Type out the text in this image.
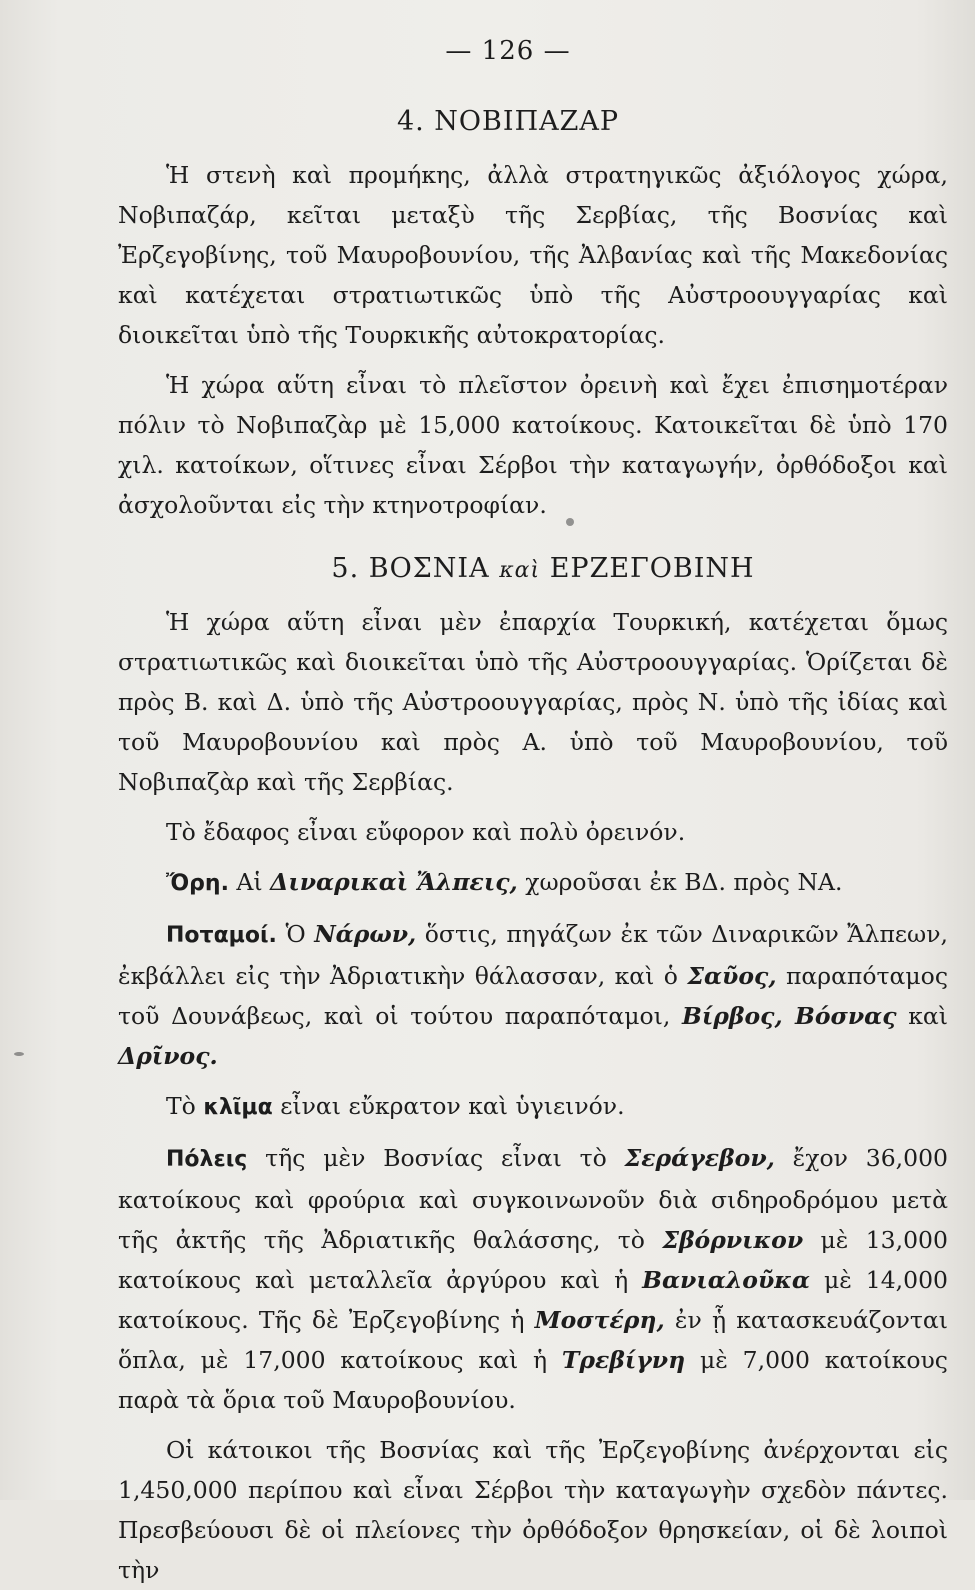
— 126 —
4. ΝΟΒΙΠΑΖΑΡ

Ἡ στενὴ καὶ προμήκης, ἀλλὰ στρατηγικῶς ἀξιόλογος χώρα, Νοβιπαζάρ, κεῖται μεταξὺ τῆς Σερβίας, τῆς Βοσνίας καὶ Ἐρζεγοβίνης, τοῦ Μαυροβουνίου, τῆς Ἀλβανίας καὶ τῆς Μακεδονίας καὶ κατέχεται στρατιωτικῶς ὑπὸ τῆς Αὐστροουγγαρίας καὶ διοικεῖται ὑπὸ τῆς Τουρκικῆς αὐτοκρατορίας.

Ἡ χώρα αὕτη εἶναι τὸ πλεῖστον ὀρεινὴ καὶ ἔχει ἐπισημοτέραν πόλιν τὸ Νοβιπαζὰρ μὲ 15,000 κατοίκους. Κατοικεῖται δὲ ὑπὸ 170 χιλ. κατοίκων, οἵτινες εἶναι Σέρβοι τὴν καταγωγήν, ὀρθόδοξοι καὶ ἀσχολοῦνται εἰς τὴν κτηνοτροφίαν.

5. ΒΟΣΝΙΑ καὶ ΕΡΖΕΓΟΒΙΝΗ

Ἡ χώρα αὕτη εἶναι μὲν ἐπαρχία Τουρκική, κατέχεται ὅμως στρατιωτικῶς καὶ διοικεῖται ὑπὸ τῆς Αὐστροουγγαρίας. Ὁρίζεται δὲ πρὸς Β. καὶ Δ. ὑπὸ τῆς Αὐστροουγγαρίας, πρὸς Ν. ὑπὸ τῆς ἰδίας καὶ τοῦ Μαυροβουνίου καὶ πρὸς Α. ὑπὸ τοῦ Μαυροβουνίου, τοῦ Νοβιπαζὰρ καὶ τῆς Σερβίας.

Τὸ ἔδαφος εἶναι εὔφορον καὶ πολὺ ὀρεινόν.

Ὄρη. Αἱ Διναρικαὶ Ἄλπεις, χωροῦσαι ἐκ ΒΔ. πρὸς ΝΑ.

Ποταμοί. Ὁ Νάρων, ὅστις, πηγάζων ἐκ τῶν Διναρικῶν Ἄλπεων, ἐκβάλλει εἰς τὴν Ἀδριατικὴν θάλασσαν, καὶ ὁ Σαῦος, παραπόταμος τοῦ Δουνάβεως, καὶ οἱ τούτου παραπόταμοι, Βίρβος, Βόσνας καὶ Δρῖνος.

Τὸ κλῖμα εἶναι εὔκρατον καὶ ὑγιεινόν.

Πόλεις τῆς μὲν Βοσνίας εἶναι τὸ Σεράγεβον, ἔχον 36,000 κατοίκους καὶ φρούρια καὶ συγκοινωνοῦν διὰ σιδηροδρόμου μετὰ τῆς ἀκτῆς τῆς Ἀδριατικῆς θαλάσσης, τὸ Σβόρνικον μὲ 13,000 κατοίκους καὶ μεταλλεῖα ἀργύρου καὶ ἡ Βανιαλοῦκα μὲ 14,000 κατοίκους. Τῆς δὲ Ἐρζεγοβίνης ἡ Μοστέρη, ἐν ᾗ κατασκευάζονται ὅπλα, μὲ 17,000 κατοίκους καὶ ἡ Τρεβίγνη μὲ 7,000 κατοίκους παρὰ τὰ ὅρια τοῦ Μαυροβουνίου.

Οἱ κάτοικοι τῆς Βοσνίας καὶ τῆς Ἐρζεγοβίνης ἀνέρχονται εἰς 1,450,000 περίπου καὶ εἶναι Σέρβοι τὴν καταγωγὴν σχεδὸν πάντες. Πρεσβεύουσι δὲ οἱ πλείονες τὴν ὀρθόδοξον θρησκείαν, οἱ δὲ λοιποὶ τὴν
